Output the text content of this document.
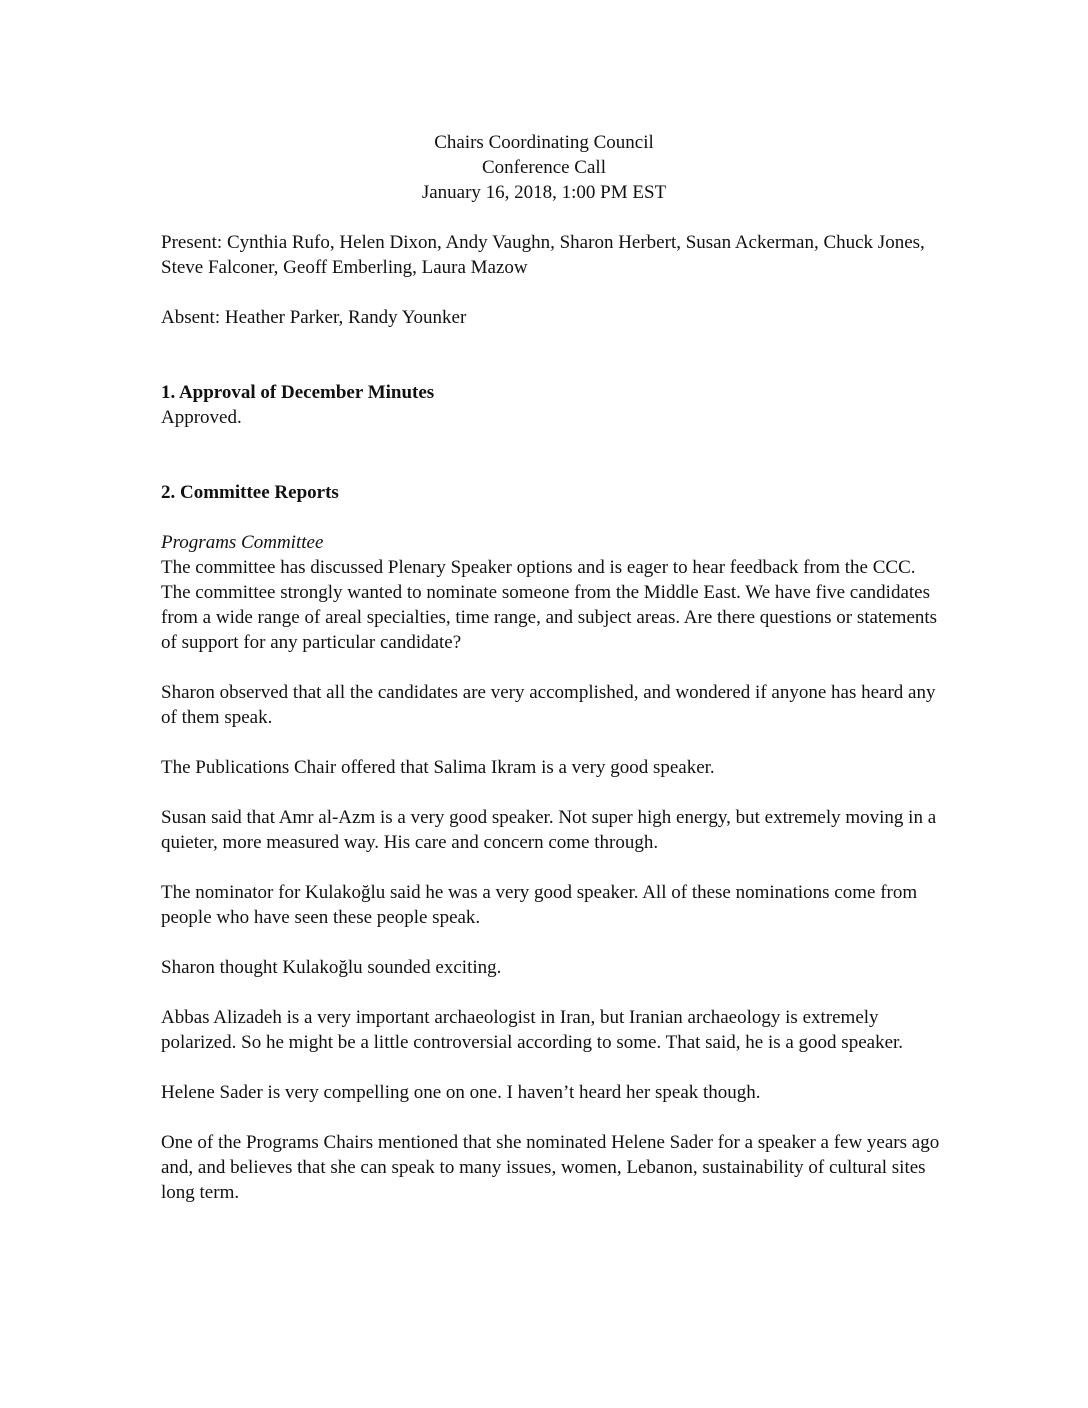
Chairs Coordinating Council
Conference Call
January 16, 2018, 1:00 PM EST

Present: Cynthia Rufo, Helen Dixon, Andy Vaughn, Sharon Herbert, Susan Ackerman, Chuck Jones, Steve Falconer, Geoff Emberling, Laura Mazow

Absent: Heather Parker, Randy Younker

1. Approval of December Minutes

Approved.

2. Committee Reports

Programs Committee

The committee has discussed Plenary Speaker options and is eager to hear feedback from the CCC. The committee strongly wanted to nominate someone from the Middle East. We have five candidates from a wide range of areal specialties, time range, and subject areas. Are there questions or statements of support for any particular candidate?

Sharon observed that all the candidates are very accomplished, and wondered if anyone has heard any of them speak.

The Publications Chair offered that Salima Ikram is a very good speaker.

Susan said that Amr al-Azm is a very good speaker. Not super high energy, but extremely moving in a quieter, more measured way. His care and concern come through.

The nominator for Kulakoğlu said he was a very good speaker. All of these nominations come from people who have seen these people speak.

Sharon thought Kulakoğlu sounded exciting.

Abbas Alizadeh is a very important archaeologist in Iran, but Iranian archaeology is extremely polarized. So he might be a little controversial according to some. That said, he is a good speaker.

Helene Sader is very compelling one on one. I haven’t heard her speak though.

One of the Programs Chairs mentioned that she nominated Helene Sader for a speaker a few years ago and, and believes that she can speak to many issues, women, Lebanon, sustainability of cultural sites long term.
